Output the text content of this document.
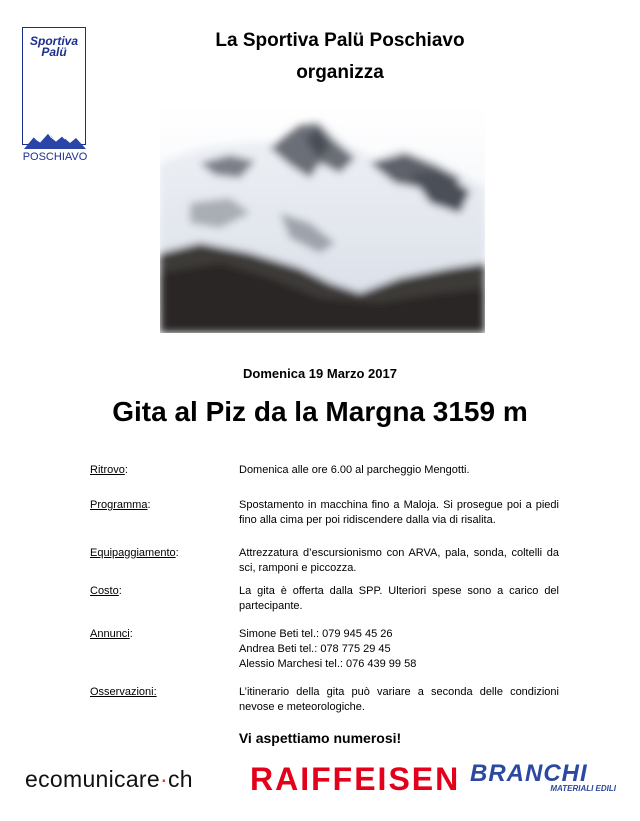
Sportiva
Palü
POSCHIAVO
La Sportiva Palü Poschiavo
organizza
Domenica 19 Marzo 2017
Gita al Piz da la Margna 3159 m
Ritrovo:	Domenica alle ore 6.00 al parcheggio Mengotti.
Programma:	Spostamento in macchina fino a Maloja. Si prosegue poi a piedi fino alla cima per poi ridiscendere dalla via di risalita.
Equipaggiamento:	Attrezzatura d’escursionismo con ARVA, pala, sonda, coltelli da sci, ramponi e piccozza.
Costo:	La gita è offerta dalla SPP. Ulteriori spese sono a carico del partecipante.
Annunci:	Simone Beti tel.: 079 945 45 26
Andrea Beti tel.: 078 775 29 45
Alessio Marchesi tel.: 076 439 99 58
Osservazioni:	L’itinerario della gita può variare a seconda delle condizioni nevose e meteorologiche.
Vi aspettiamo numerosi!
ecomunicare·ch RAIFFEISEN BRANCHI
MATERIALI EDILI
